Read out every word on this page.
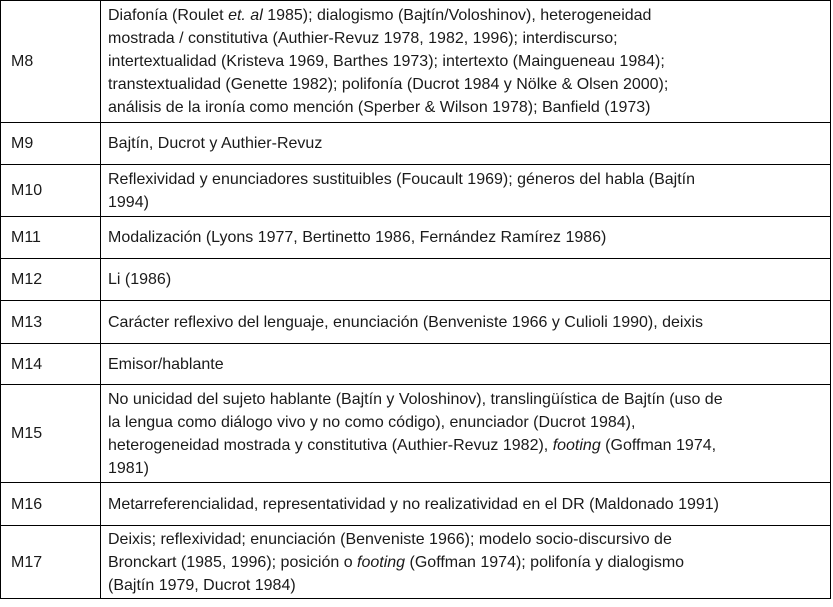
M8	Diafonía (Roulet et. al 1985); dialogismo (Bajtín/Voloshinov), heterogeneidad
mostrada / constitutiva (Authier-Revuz 1978, 1982, 1996); interdiscurso;
intertextualidad (Kristeva 1969, Barthes 1973); intertexto (Maingueneau 1984);
transtextualidad (Genette 1982); polifonía (Ducrot 1984 y Nölke & Olsen 2000);
análisis de la ironía como mención (Sperber & Wilson 1978); Banfield (1973)

M9	Bajtín, Ducrot y Authier-Revuz

M10	Reflexividad y enunciadores sustituibles (Foucault 1969); géneros del habla (Bajtín
1994)

M11	Modalización (Lyons 1977, Bertinetto 1986, Fernández Ramírez 1986)

M12	Li (1986)

M13	Carácter reflexivo del lenguaje, enunciación (Benveniste 1966 y Culioli 1990), deixis

M14	Emisor/hablante

M15	No unicidad del sujeto hablante (Bajtín y Voloshinov), translingüística de Bajtín (uso de
la lengua como diálogo vivo y no como código), enunciador (Ducrot 1984),
heterogeneidad mostrada y constitutiva (Authier-Revuz 1982), footing (Goffman 1974,
1981)

M16	Metarreferencialidad, representatividad y no realizatividad en el DR (Maldonado 1991)

M17	Deixis; reflexividad; enunciación (Benveniste 1966); modelo socio-discursivo de
Bronckart (1985, 1996); posición o footing (Goffman 1974); polifonía y dialogismo
(Bajtín 1979, Ducrot 1984)
